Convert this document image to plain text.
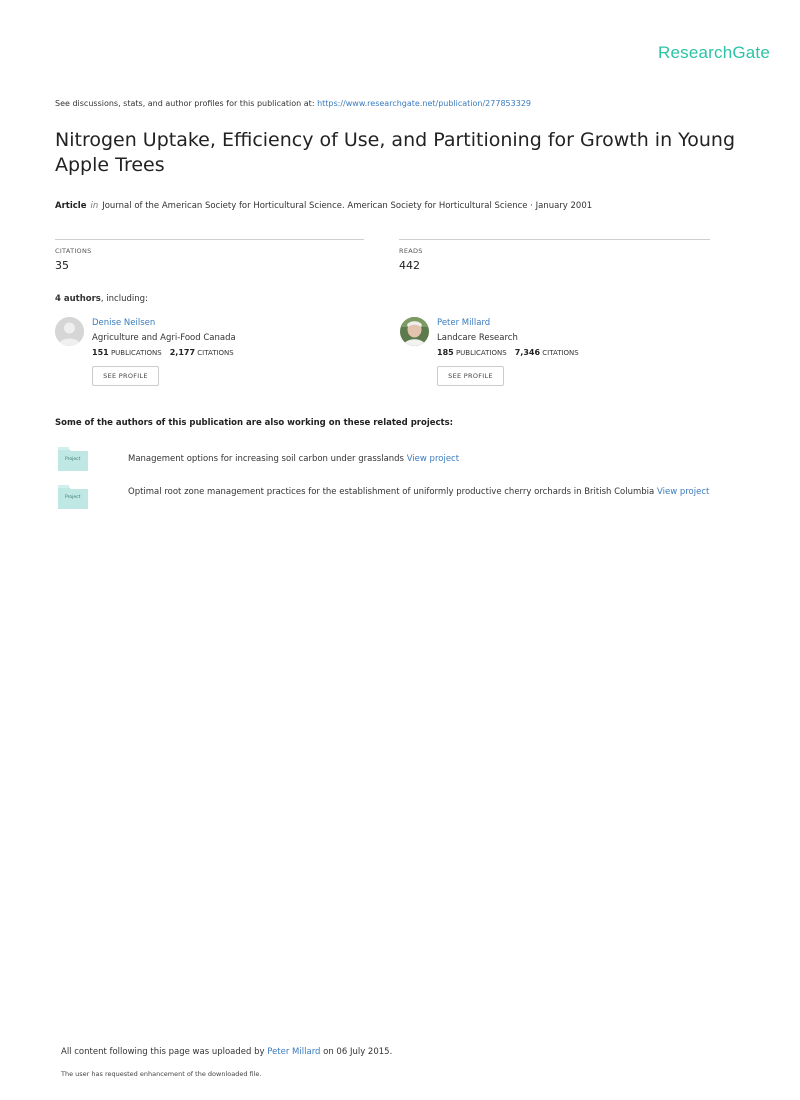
ResearchGate
See discussions, stats, and author profiles for this publication at: https://www.researchgate.net/publication/277853329
Nitrogen Uptake, Efficiency of Use, and Partitioning for Growth in Young Apple Trees
Article in Journal of the American Society for Horticultural Science. American Society for Horticultural Science · January 2001
CITATIONS
35
READS
442
4 authors, including:
Denise Neilsen
Agriculture and Agri-Food Canada
151 PUBLICATIONS 2,177 CITATIONS
SEE PROFILE
Peter Millard
Landcare Research
185 PUBLICATIONS 7,346 CITATIONS
SEE PROFILE
Some of the authors of this publication are also working on these related projects:
Project	Management options for increasing soil carbon under grasslands View project
Project
Optimal root zone management practices for the establishment of uniformly productive cherry orchards in British Columbia View project
All content following this page was uploaded by Peter Millard on 06 July 2015.
The user has requested enhancement of the downloaded file.
